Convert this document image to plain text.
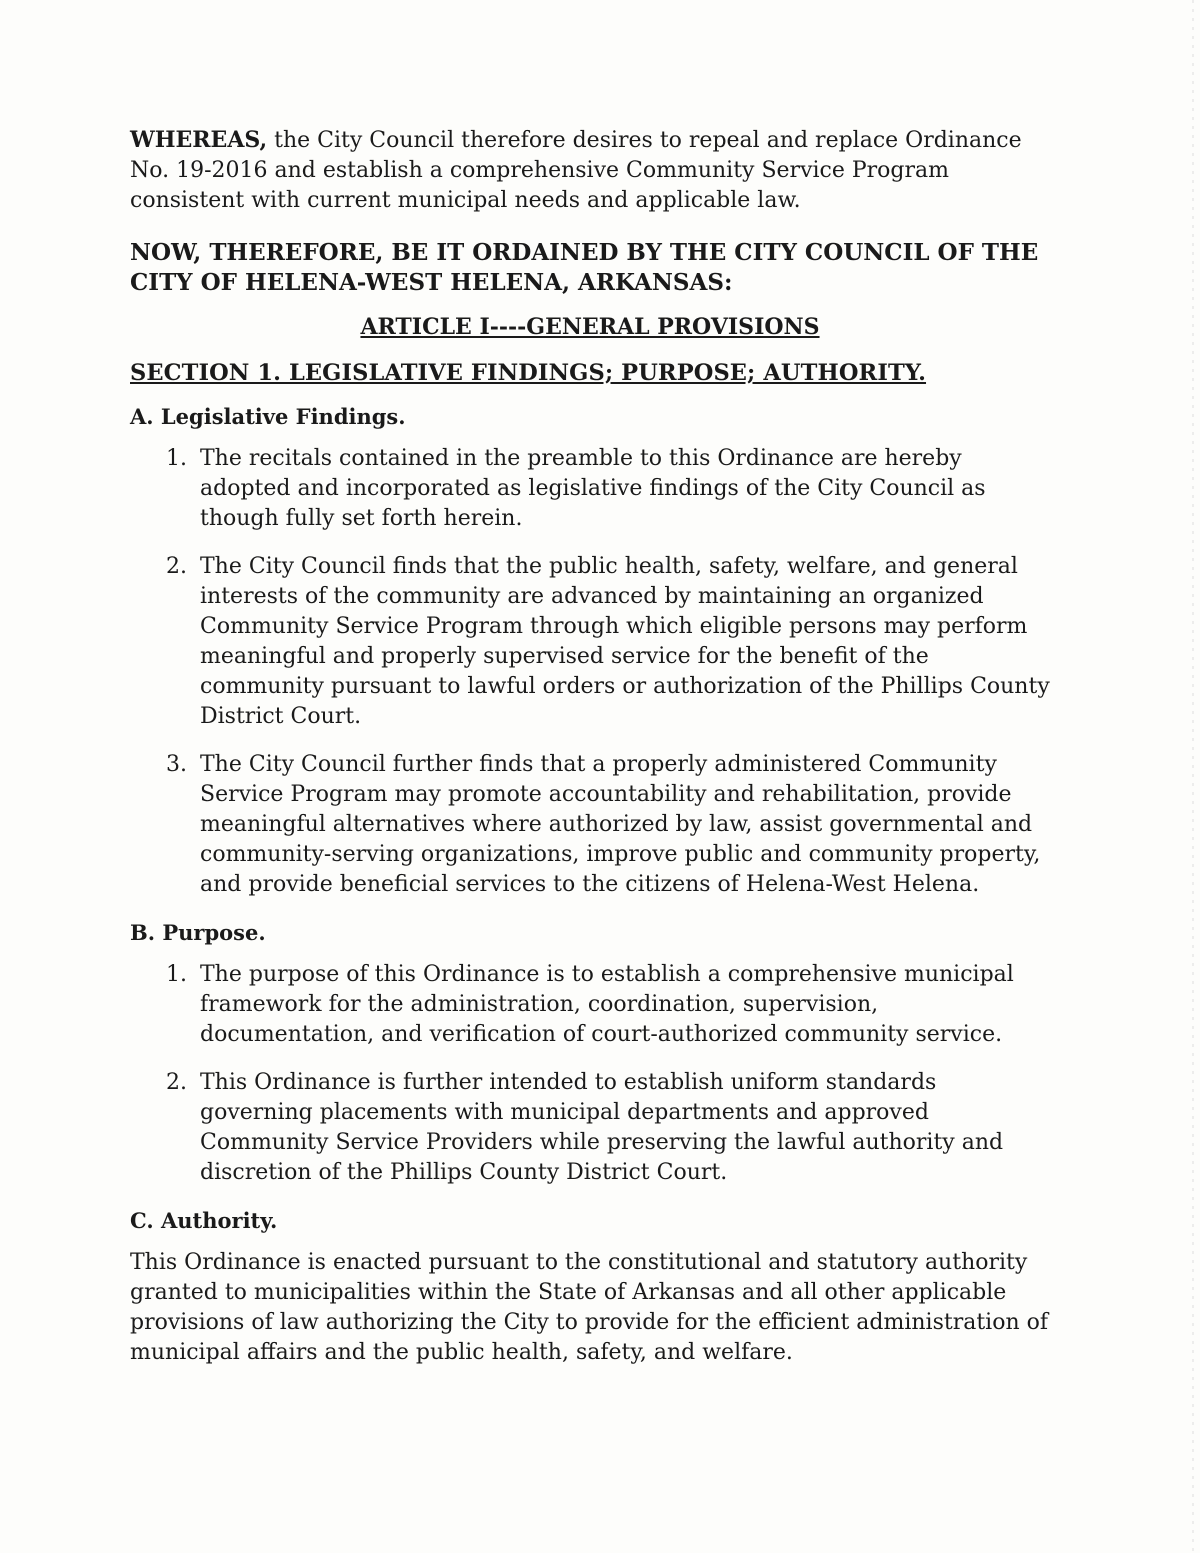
WHEREAS, the City Council therefore desires to repeal and replace Ordinance No. 19-2016 and establish a comprehensive Community Service Program consistent with current municipal needs and applicable law.

NOW, THEREFORE, BE IT ORDAINED BY THE CITY COUNCIL OF THE CITY OF HELENA-WEST HELENA, ARKANSAS:

ARTICLE I----GENERAL PROVISIONS

SECTION 1. LEGISLATIVE FINDINGS; PURPOSE; AUTHORITY.

A. Legislative Findings.

1. The recitals contained in the preamble to this Ordinance are hereby adopted and incorporated as legislative findings of the City Council as though fully set forth herein.
2. The City Council finds that the public health, safety, welfare, and general interests of the community are advanced by maintaining an organized Community Service Program through which eligible persons may perform meaningful and properly supervised service for the benefit of the community pursuant to lawful orders or authorization of the Phillips County District Court.
3. The City Council further finds that a properly administered Community Service Program may promote accountability and rehabilitation, provide meaningful alternatives where authorized by law, assist governmental and community-serving organizations, improve public and community property, and provide beneficial services to the citizens of Helena-West Helena.

B. Purpose.

1. The purpose of this Ordinance is to establish a comprehensive municipal framework for the administration, coordination, supervision, documentation, and verification of court-authorized community service.
2. This Ordinance is further intended to establish uniform standards governing placements with municipal departments and approved Community Service Providers while preserving the lawful authority and discretion of the Phillips County District Court.

C. Authority.

This Ordinance is enacted pursuant to the constitutional and statutory authority granted to municipalities within the State of Arkansas and all other applicable provisions of law authorizing the City to provide for the efficient administration of municipal affairs and the public health, safety, and welfare.
